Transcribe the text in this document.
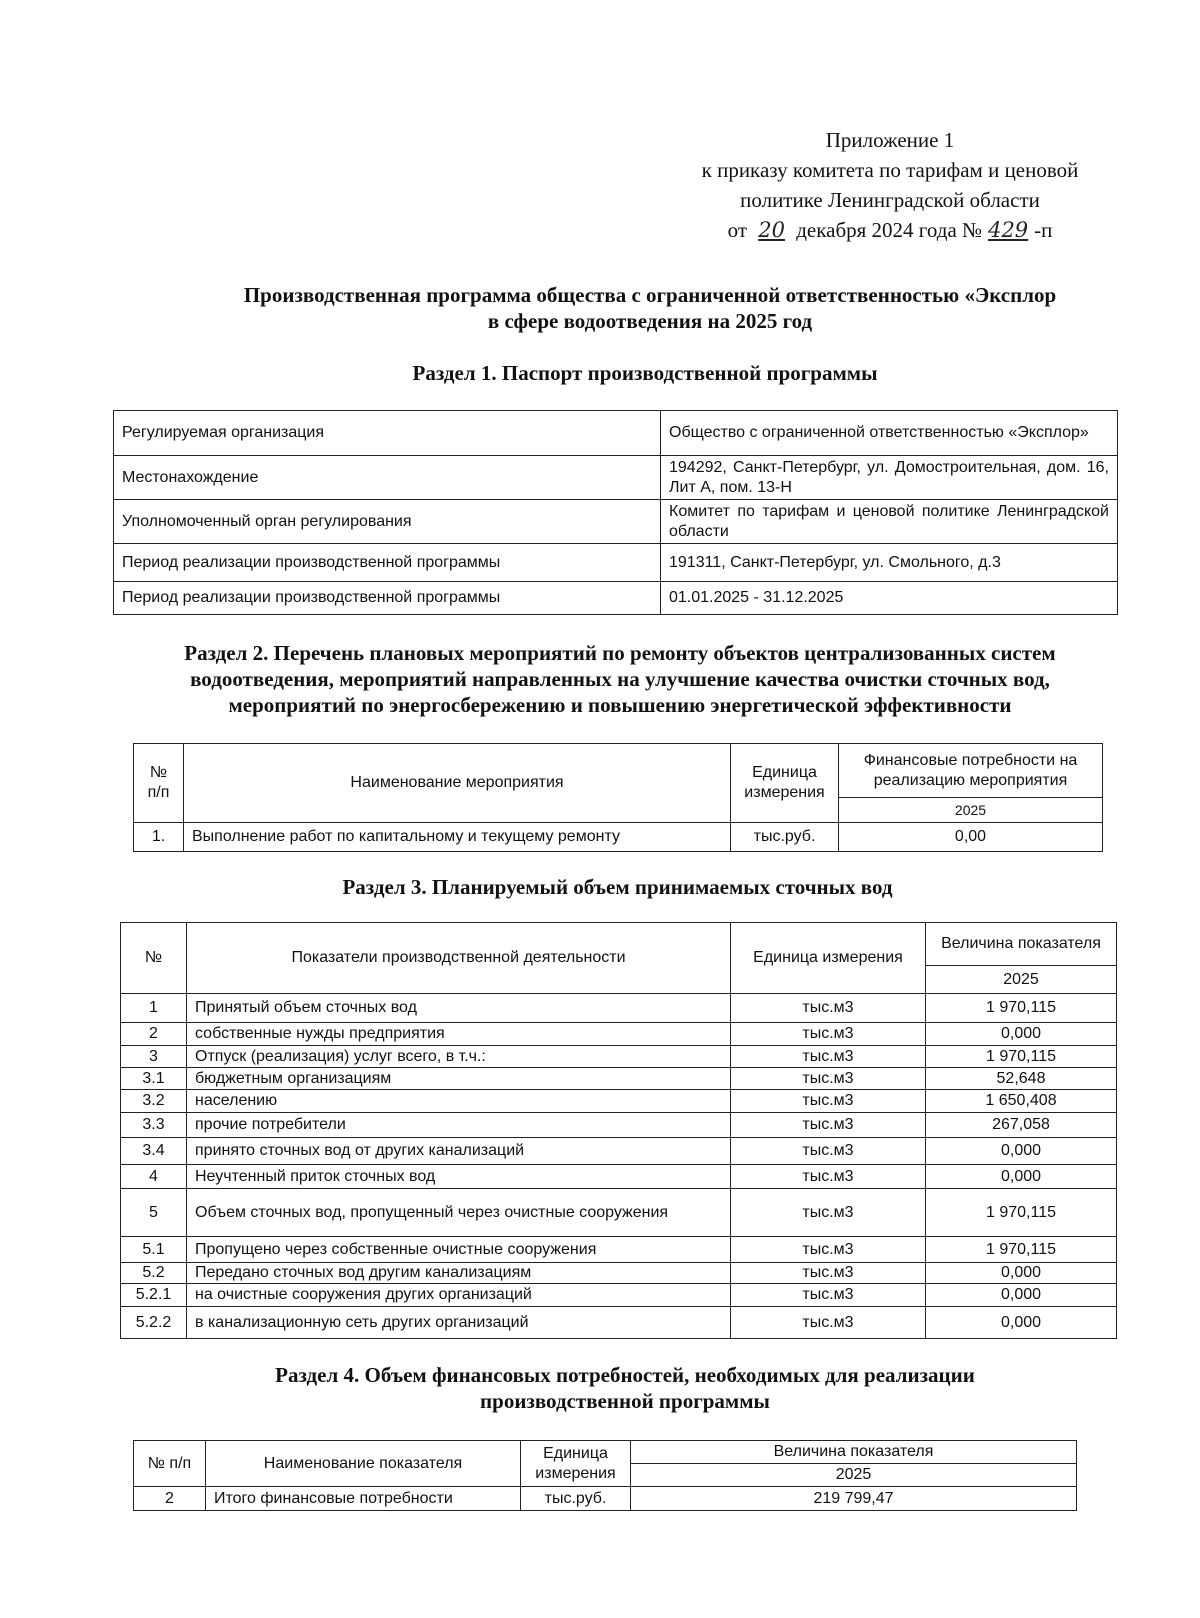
Приложение 1
к приказу комитета по тарифам и ценовой
политике Ленинградской области
от 20 декабря 2024 года № 429 -п
Производственная программа общества с ограниченной ответственностью «Эксплор
в сфере водоотведения на 2025 год
Раздел 1. Паспорт производственной программы
Регулируемая организация	Общество с ограниченной ответственностью «Эксплор»
Местонахождение	194292, Санкт-Петербург, ул. Домостроительная, дом. 16, Лит А, пом. 13-Н
Уполномоченный орган регулирования	Комитет по тарифам и ценовой политике Ленинградской области
Период реализации производственной программы	191311, Санкт-Петербург, ул. Смольного, д.3
Период реализации производственной программы	01.01.2025 - 31.12.2025
Раздел 2. Перечень плановых мероприятий по ремонту объектов централизованных систем
водоотведения, мероприятий направленных на улучшение качества очистки сточных вод,
мероприятий по энергосбережению и повышению энергетической эффективности
№ п/п	Наименование мероприятия	Единица измерения	Финансовые потребности на реализацию мероприятия
			2025
1.	Выполнение работ по капитальному и текущему ремонту	тыс.руб.	0,00
Раздел 3. Планируемый объем принимаемых сточных вод
№	Показатели производственной деятельности	Единица измерения	Величина показателя
			2025
1	Принятый объем сточных вод	тыс.м3	1 970,115
2	собственные нужды предприятия	тыс.м3	0,000
3	Отпуск (реализация) услуг всего, в т.ч.:	тыс.м3	1 970,115
3.1	бюджетным организациям	тыс.м3	52,648
3.2	населению	тыс.м3	1 650,408
3.3	прочие потребители	тыс.м3	267,058
3.4	принято сточных вод от других канализаций	тыс.м3	0,000
4	Неучтенный приток сточных вод	тыс.м3	0,000
5	Объем сточных вод, пропущенный через очистные сооружения	тыс.м3	1 970,115
5.1	Пропущено через собственные очистные сооружения	тыс.м3	1 970,115
5.2	Передано сточных вод другим канализациям	тыс.м3	0,000
5.2.1	на очистные сооружения других организаций	тыс.м3	0,000
5.2.2	в канализационную сеть других организаций	тыс.м3	0,000
Раздел 4. Объем финансовых потребностей, необходимых для реализации
производственной программы
№ п/п	Наименование показателя	Единица измерения	Величина показателя
			2025
2	Итого финансовые потребности	тыс.руб.	219 799,47
